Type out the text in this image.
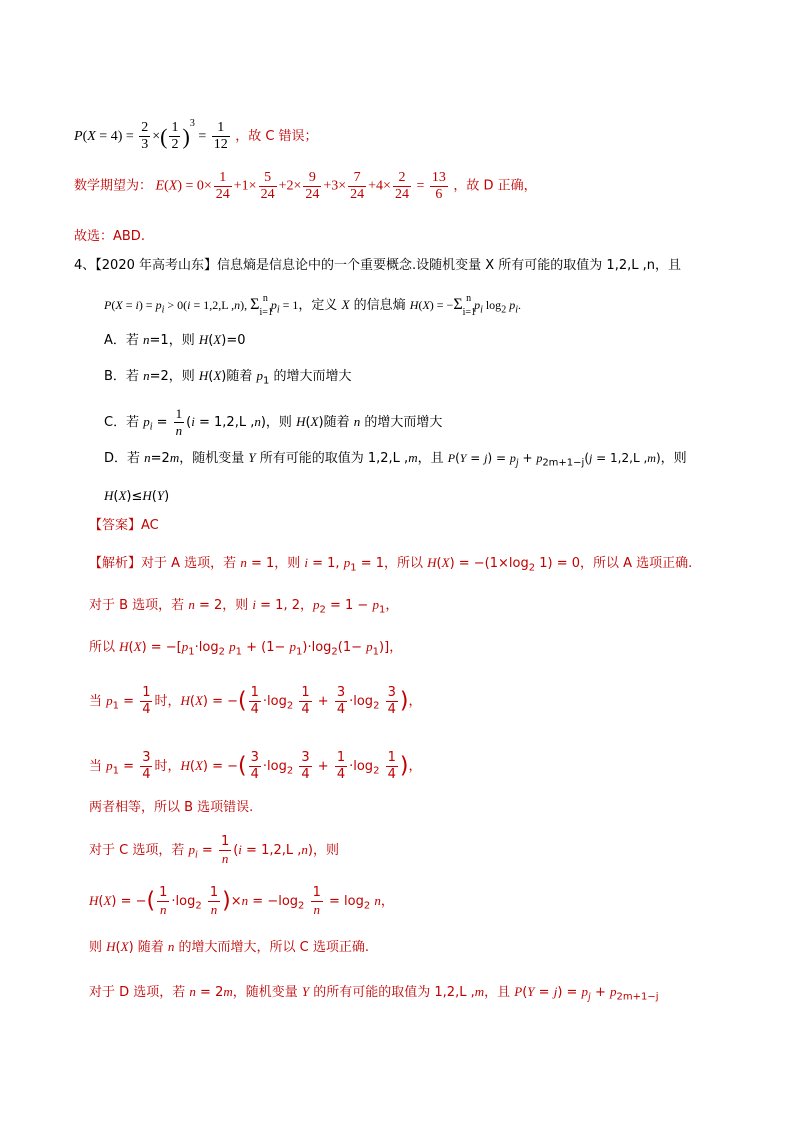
$P(X = 4) = \frac{2}{3}$ ×( $\frac{1}{2} )^3 = \frac{1}{12}$ ，故 C 错误；
数学期望为： $E(X) = 0\times \frac{1}{24} +1\times \frac{5}{24} +2\times \frac{9}{24} +3\times \frac{7}{24} +4\times \frac{2}{24} = \frac{13}{6}$ ，故 D 正确，
故选：ABD.
4、【2020 年高考山东】信息熵是信息论中的一个重要概念.设随机变量 X 所有可能的取值为 1,2,L ,n，且
$P(X = i) = p_i > 0(i = 1,2,L$ ,n), $\Sigma_{i=1}^n$ $p_i = 1$，定义 X 的信息熵 $H(X) = -\Sigma_{i=1}^n$ $p_i$ $\log_2 p_i$.
A．若 n=1，则 H(X)=0
B．若 n=2，则 H(X)随着 $p_1$ 的增大而增大
C．若 $p_i = \frac{1}{n} (i = 1,2,L$ ,n)，则 H(X)随着 n 的增大而增大
D．若 n=2m，随机变量 Y 所有可能的取值为 1,2,L ,m，且 $P(Y = j) = p_j + p_{2m+1-j}(j = 1,2,L$ ,m)，则
H(X)≤H(Y)
【答案】AC
【解析】对于 A 选项，若 n = 1，则 i = 1, $p_1 = 1$，所以 $H(X) = -(1\times\log_2$ 1) = 0，所以 A 选项正确.
对于 B 选项，若 n = 2，则 i = 1, 2，$p_2 = 1 - p_1$，
所以 $H(X) = -[p_1\cdot\log_2$ $p_1 + (1- p_1)\cdot\log_2(1- p_1)$]，
当 $p_1 = \frac{1}{4}$ 时，H(X) = −( $\frac{1}{4} \cdot\log_2 \frac{1}{4} + \frac{3}{4} \cdot\log_2 \frac{3}{4}$ )，
当 $p_1 = \frac{3}{4}$ 时，H(X) = −( $\frac{3}{4} \cdot\log_2 \frac{3}{4} + \frac{1}{4} \cdot\log_2 \frac{1}{4}$ )，
两者相等，所以 B 选项错误.
对于 C 选项，若 $p_i = \frac{1}{n} (i = 1,2,L$ ,n)，则
H(X) = −( $\frac{1}{n} \cdot\log_2 \frac{1}{n} )\times n = -\log_2 \frac{1}{n} = \log_2 n$，
则 H(X) 随着 n 的增大而增大，所以 C 选项正确.
对于 D 选项，若 n = 2m，随机变量 Y 的所有可能的取值为 1,2,L ,m，且 $P(Y = j) = p_j + p_{2m+1-j}$
